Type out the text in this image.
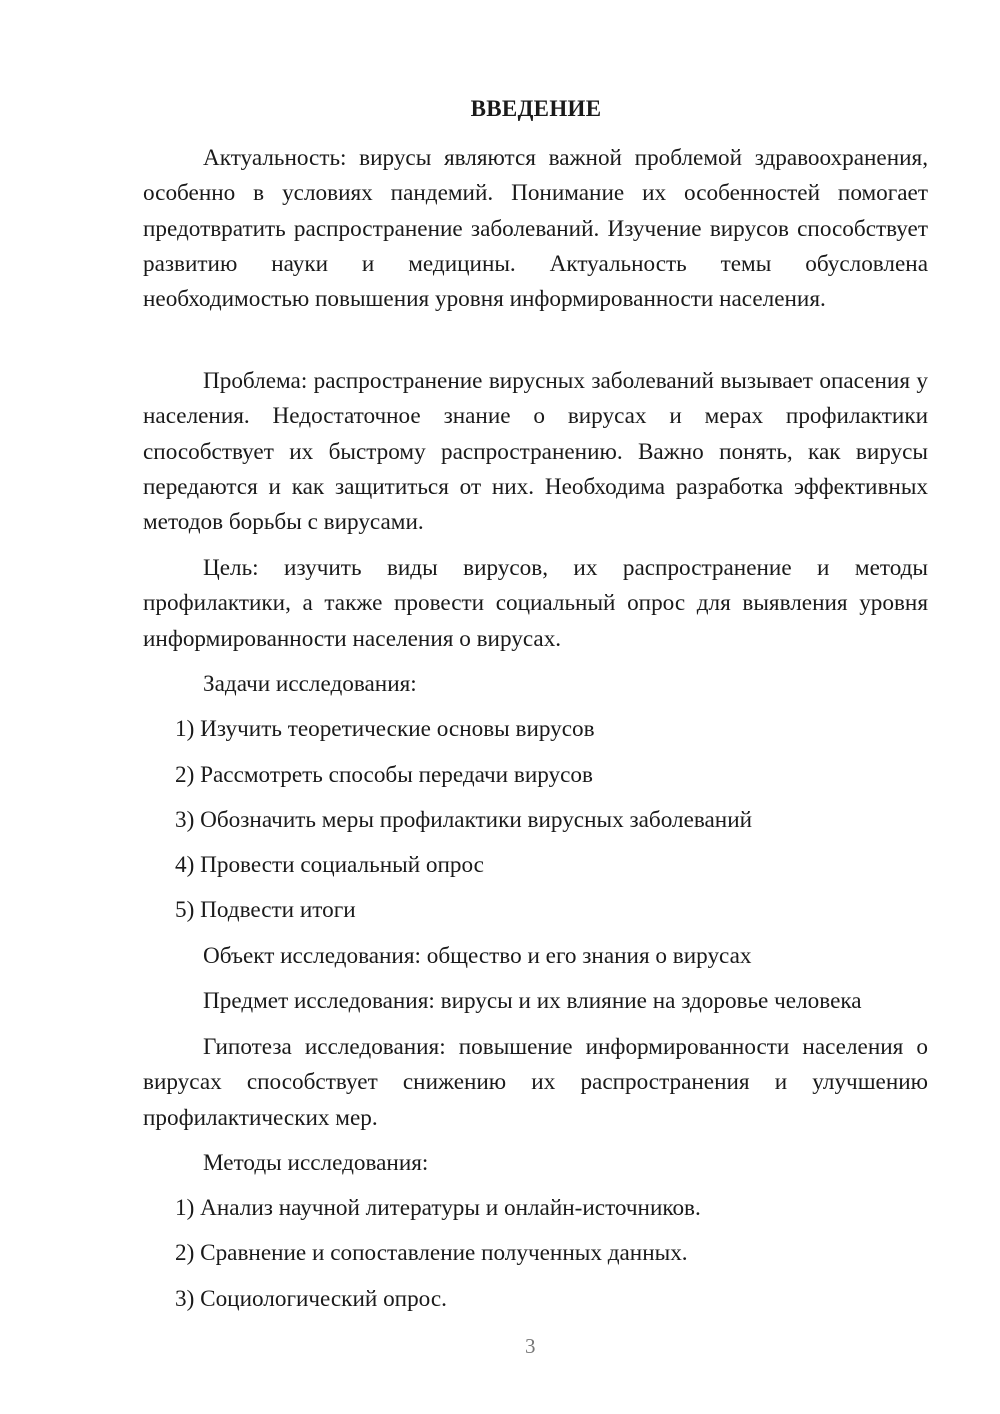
ВВЕДЕНИЕ

Актуальность: вирусы являются важной проблемой здравоохранения, особенно в условиях пандемий. Понимание их особенностей помогает предотвратить распространение заболеваний. Изучение вирусов способствует развитию науки и медицины. Актуальность темы обусловлена необходимостью повышения уровня информированности населения.

Проблема: распространение вирусных заболеваний вызывает опасения у населения. Недостаточное знание о вирусах и мерах профилактики способствует их быстрому распространению. Важно понять, как вирусы передаются и как защититься от них. Необходима разработка эффективных методов борьбы с вирусами.

Цель: изучить виды вирусов, их распространение и методы профилактики, а также провести социальный опрос для выявления уровня информированности населения о вирусах.

Задачи исследования:
1) Изучить теоретические основы вирусов
2) Рассмотреть способы передачи вирусов
3) Обозначить меры профилактики вирусных заболеваний
4) Провести социальный опрос
5) Подвести итоги
Объект исследования: общество и его знания о вирусах
Предмет исследования: вирусы и их влияние на здоровье человека

Гипотеза исследования: повышение информированности населения о вирусах способствует снижению их распространения и улучшению профилактических мер.

Методы исследования:
1) Анализ научной литературы и онлайн-источников.
2) Сравнение и сопоставление полученных данных.
3) Социологический опрос.
3
